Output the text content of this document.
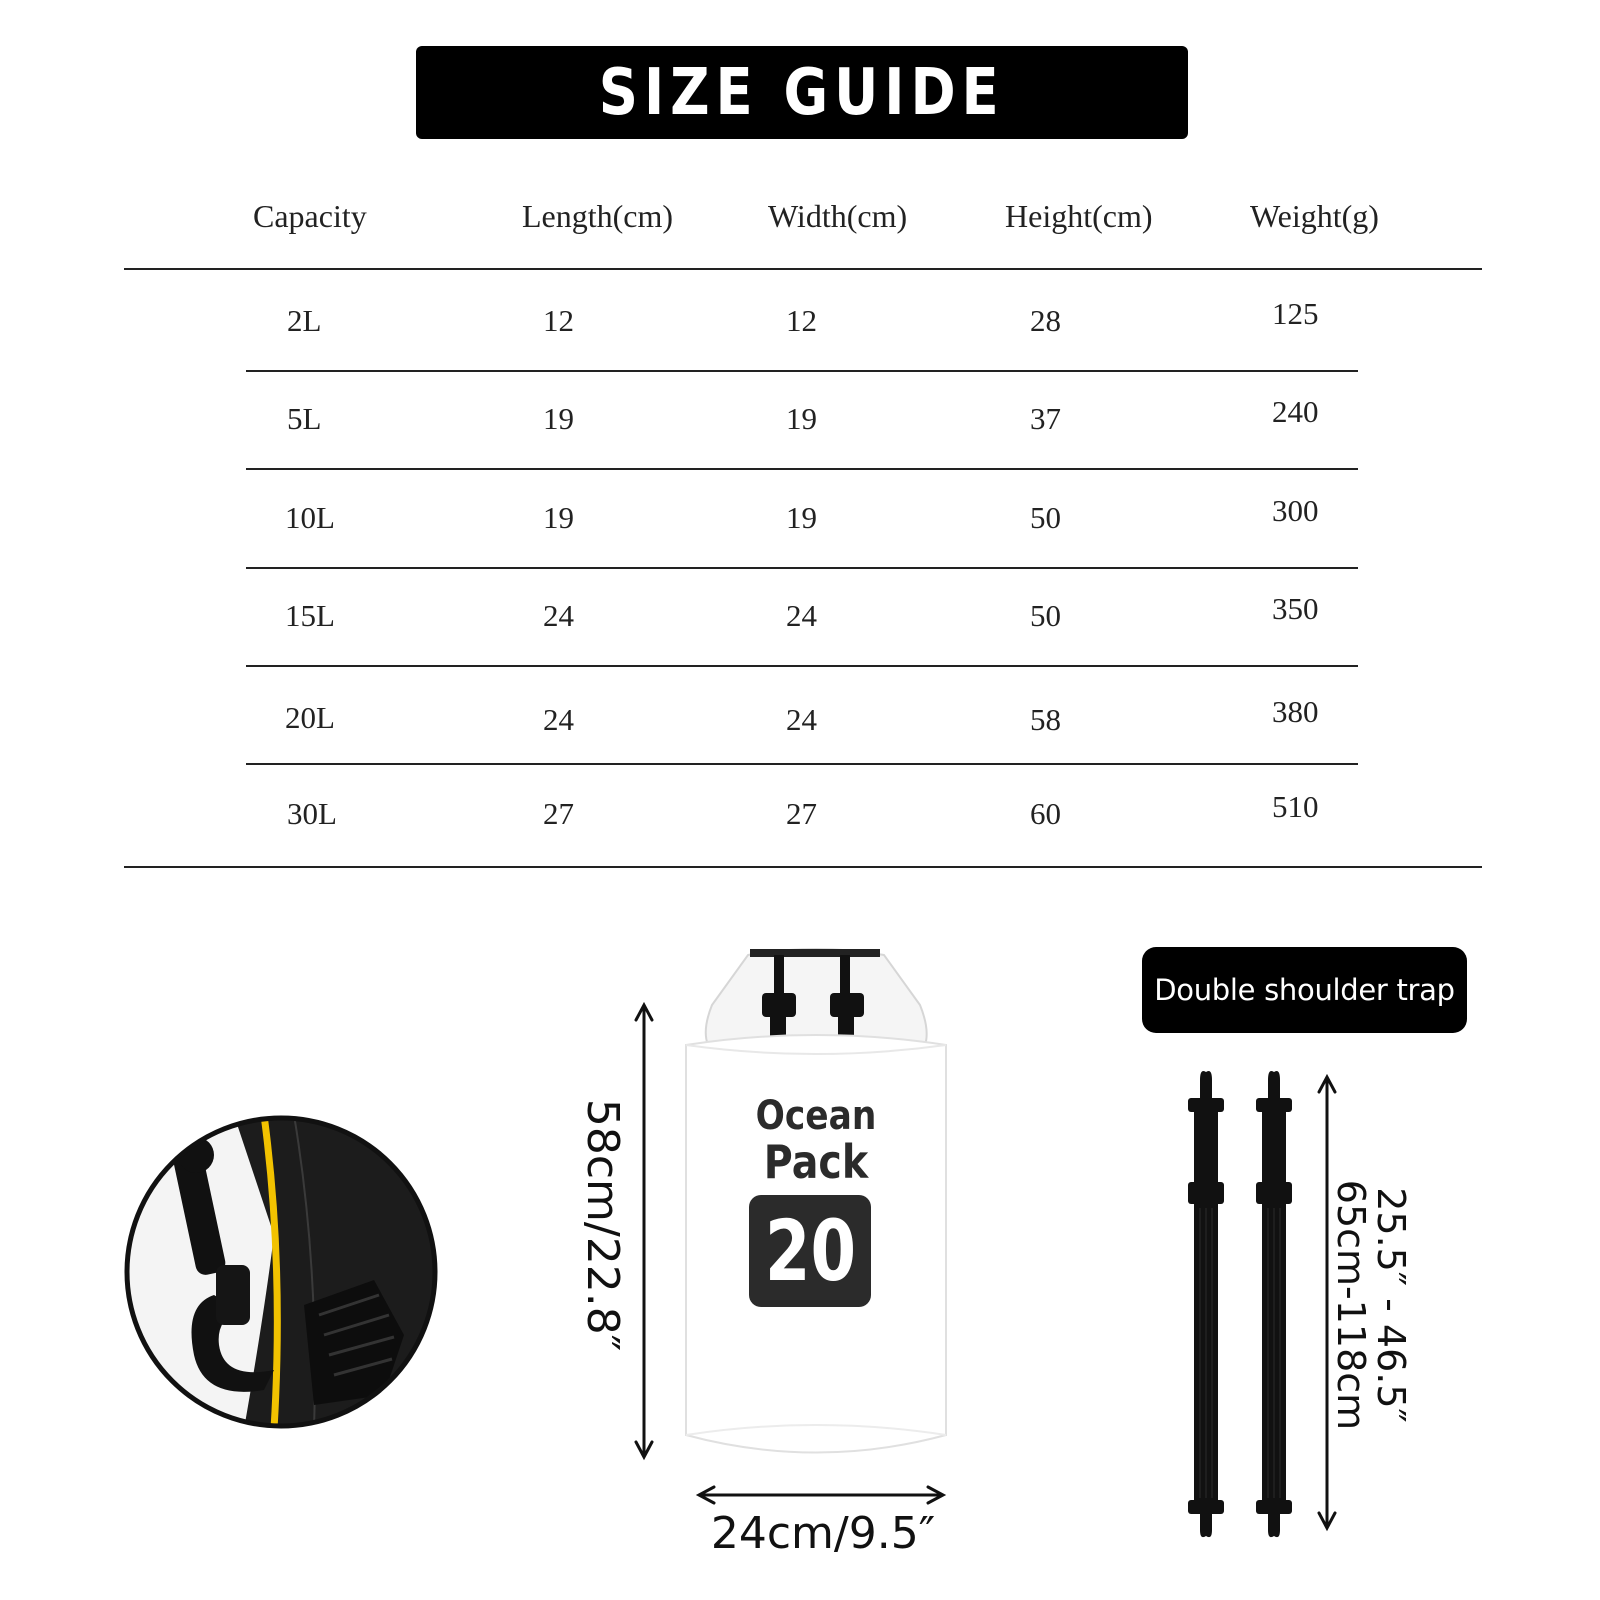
SIZE GUIDE
Capacity	Length(cm)	Width(cm)	Height(cm)	Weight(g)
2L	12	12	28	125
5L	19	19	37	240
10L	19	19	50	300
15L	24	24	50	350
20L	24	24	58	380
30L	27	27	60	510
58cm/22.8″
24cm/9.5″
65cm-118cm
25.5″ - 46.5″
Ocean
Pack
20
Double shoulder trap
